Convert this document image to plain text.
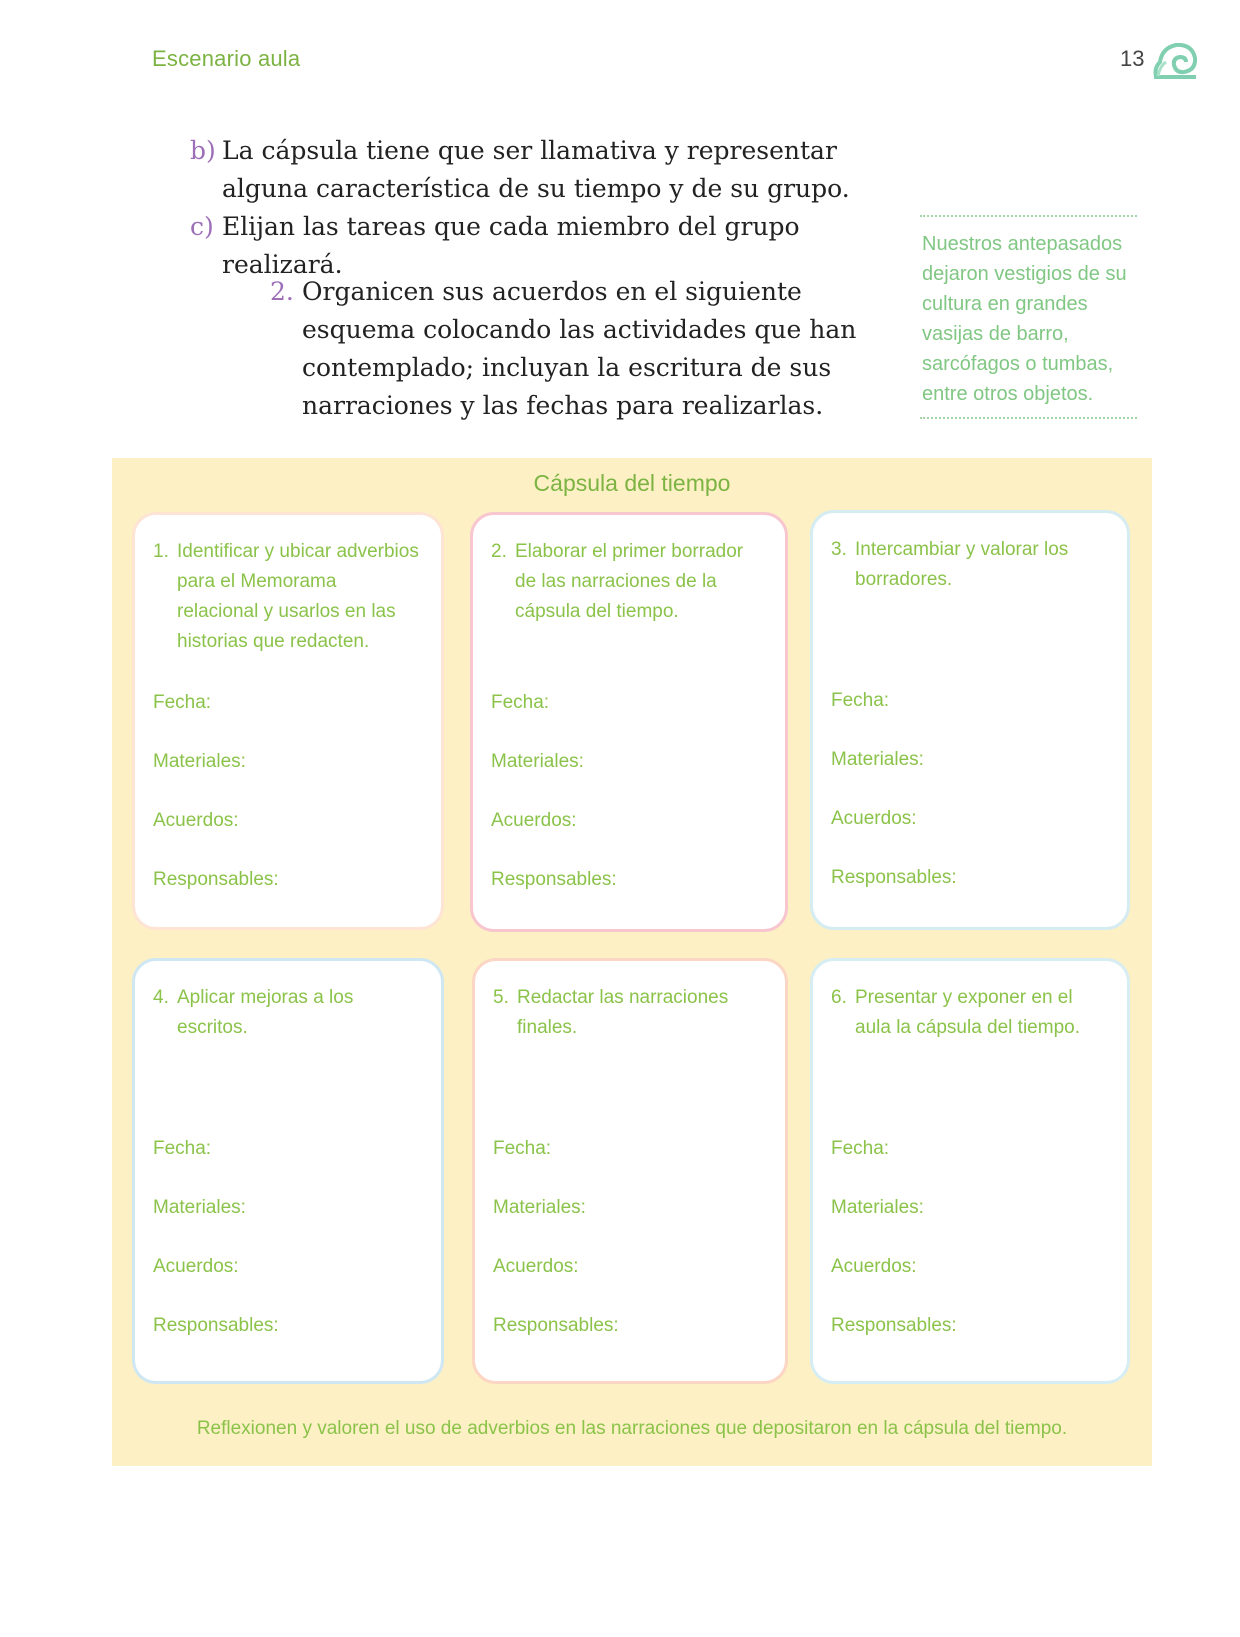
Escenario aula	13
b) La cápsula tiene que ser llamativa y representar alguna característica de su tiempo y de su grupo.
c) Elijan las tareas que cada miembro del grupo realizará.
2. Organicen sus acuerdos en el siguiente esquema colocando las actividades que han contemplado; incluyan la escritura de sus narraciones y las fechas para realizarlas.
Nuestros antepasados dejaron vestigios de su cultura en grandes vasijas de barro, sarcófagos o tumbas, entre otros objetos.
Cápsula del tiempo
1. Identificar y ubicar adverbios para el Memorama relacional y usarlos en las historias que redacten.
Fecha:
Materiales:
Acuerdos:
Responsables:
2. Elaborar el primer borrador de las narraciones de la cápsula del tiempo.
Fecha:
Materiales:
Acuerdos:
Responsables:
3. Intercambiar y valorar los borradores.
Fecha:
Materiales:
Acuerdos:
Responsables:
4. Aplicar mejoras a los escritos.
Fecha:
Materiales:
Acuerdos:
Responsables:
5. Redactar las narraciones finales.
Fecha:
Materiales:
Acuerdos:
Responsables:
6. Presentar y exponer en el aula la cápsula del tiempo.
Fecha:
Materiales:
Acuerdos:
Responsables:
Reflexionen y valoren el uso de adverbios en las narraciones que depositaron en la cápsula del tiempo.
